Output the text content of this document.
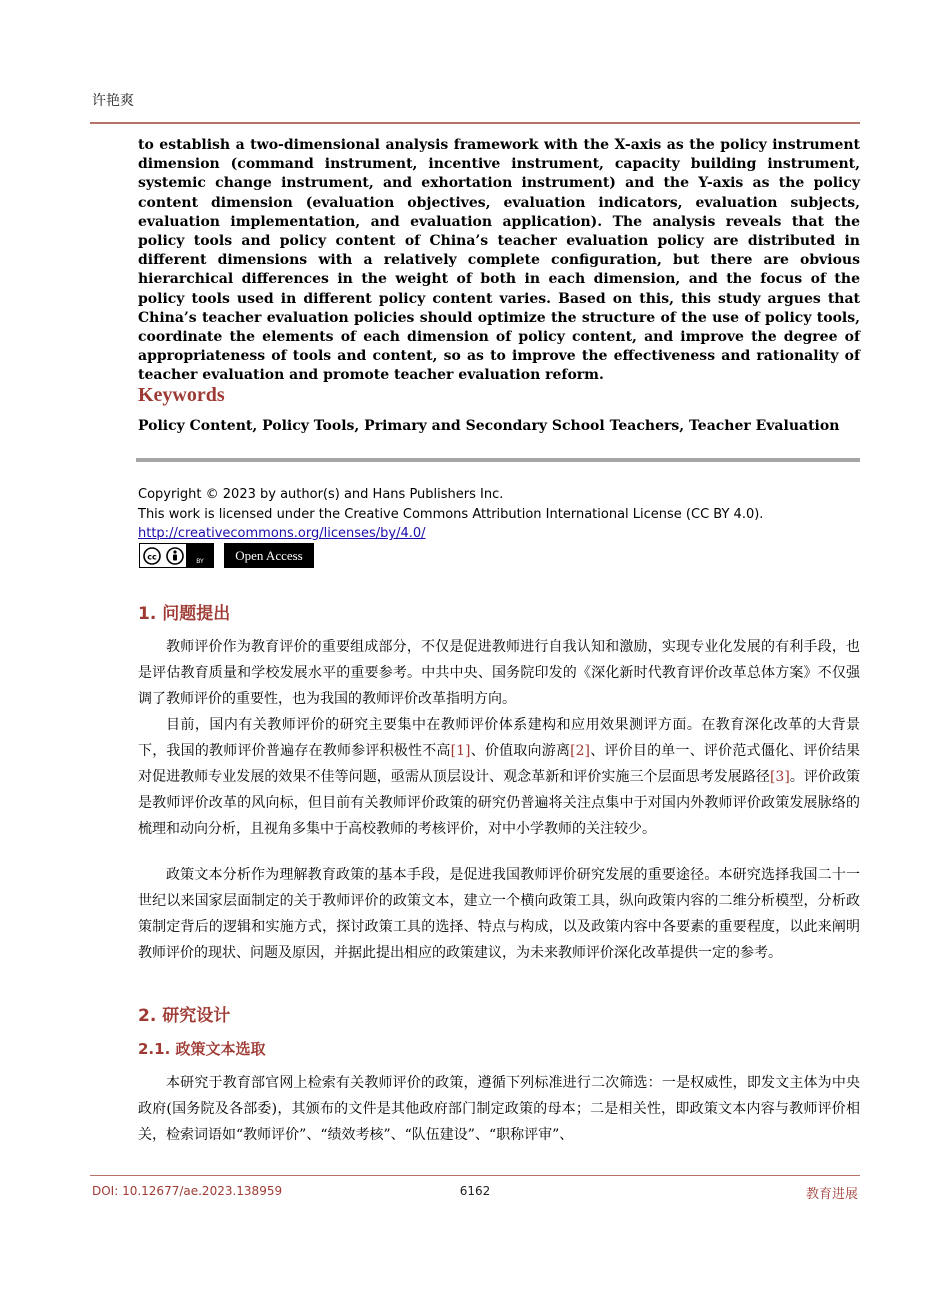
许艳爽

to establish a two-dimensional analysis framework with the X-axis as the policy instrument dimension (command instrument, incentive instrument, capacity building instrument, systemic change instrument, and exhortation instrument) and the Y-axis as the policy content dimension (evaluation objectives, evaluation indicators, evaluation subjects, evaluation implementation, and evaluation application). The analysis reveals that the policy tools and policy content of China’s teacher evaluation policy are distributed in different dimensions with a relatively complete configuration, but there are obvious hierarchical differences in the weight of both in each dimension, and the focus of the policy tools used in different policy content varies. Based on this, this study argues that China’s teacher evaluation policies should optimize the structure of the use of policy tools, coordinate the elements of each dimension of policy content, and improve the degree of appropriateness of tools and content, so as to improve the effectiveness and rationality of teacher evaluation and promote teacher evaluation reform.

Keywords

Policy Content, Policy Tools, Primary and Secondary School Teachers, Teacher Evaluation

Copyright © 2023 by author(s) and Hans Publishers Inc.
This work is licensed under the Creative Commons Attribution International License (CC BY 4.0).
http://creativecommons.org/licenses/by/4.0/
cc
BY	Open Access
1. 问题提出

教师评价作为教育评价的重要组成部分，不仅是促进教师进行自我认知和激励，实现专业化发展的有利手段，也是评估教育质量和学校发展水平的重要参考。中共中央、国务院印发的《深化新时代教育评价改革总体方案》不仅强调了教师评价的重要性，也为我国的教师评价改革指明方向。

目前，国内有关教师评价的研究主要集中在教师评价体系建构和应用效果测评方面。在教育深化改革的大背景下，我国的教师评价普遍存在教师参评积极性不高[1]、价值取向游离[2]、评价目的单一、评价范式僵化、评价结果对促进教师专业发展的效果不佳等问题，亟需从顶层设计、观念革新和评价实施三个层面思考发展路径[3]。评价政策是教师评价改革的风向标，但目前有关教师评价政策的研究仍普遍将关注点集中于对国内外教师评价政策发展脉络的梳理和动向分析，且视角多集中于高校教师的考核评价，对中小学教师的关注较少。

政策文本分析作为理解教育政策的基本手段，是促进我国教师评价研究发展的重要途径。本研究选择我国二十一世纪以来国家层面制定的关于教师评价的政策文本，建立一个横向政策工具，纵向政策内容的二维分析模型，分析政策制定背后的逻辑和实施方式，探讨政策工具的选择、特点与构成，以及政策内容中各要素的重要程度，以此来阐明教师评价的现状、问题及原因，并据此提出相应的政策建议，为未来教师评价深化改革提供一定的参考。

2. 研究设计
2.1. 政策文本选取

本研究于教育部官网上检索有关教师评价的政策，遵循下列标准进行二次筛选：一是权威性，即发文主体为中央政府(国务院及各部委)，其颁布的文件是其他政府部门制定政策的母本；二是相关性，即政策文本内容与教师评价相关，检索词语如“教师评价”、“绩效考核”、“队伍建设”、“职称评审”、

DOI: 10.12677/ae.2023.138959	6162	教育进展
